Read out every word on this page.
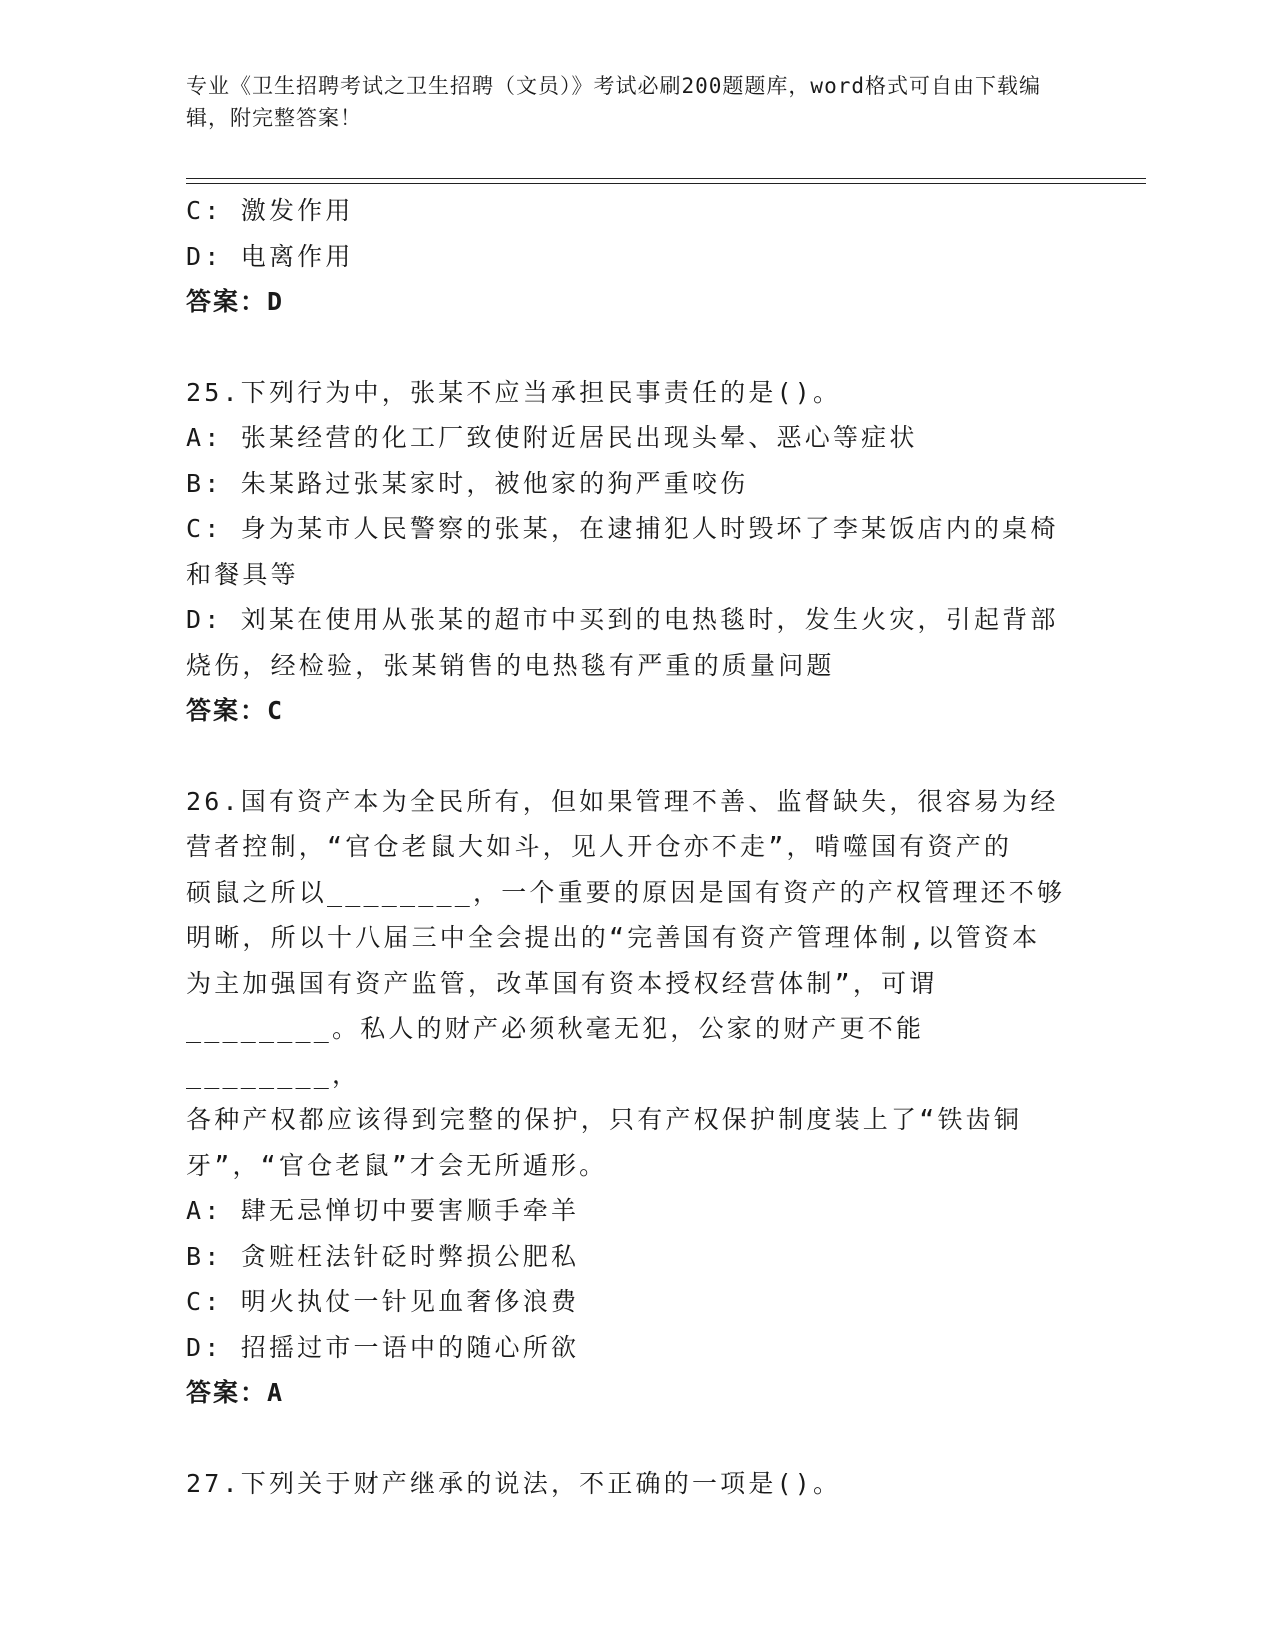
专业《卫生招聘考试之卫生招聘（文员）》考试必刷200题题库，word格式可自由下载编辑，附完整答案！

C: 激发作用

D: 电离作用

答案：D

25.下列行为中，张某不应当承担民事责任的是()。

A: 张某经营的化工厂致使附近居民出现头晕、恶心等症状

B: 朱某路过张某家时，被他家的狗严重咬伤

C: 身为某市人民警察的张某，在逮捕犯人时毁坏了李某饭店内的桌椅

和餐具等

D: 刘某在使用从张某的超市中买到的电热毯时，发生火灾，引起背部

烧伤，经检验，张某销售的电热毯有严重的质量问题

答案：C

26.国有资产本为全民所有，但如果管理不善、监督缺失，很容易为经

营者控制，“官仓老鼠大如斗，见人开仓亦不走”，啃噬国有资产的

硕鼠之所以________，一个重要的原因是国有资产的产权管理还不够

明晰，所以十八届三中全会提出的“完善国有资产管理体制,以管资本

为主加强国有资产监管，改革国有资本授权经营体制”，可谓

________。私人的财产必须秋毫无犯，公家的财产更不能________，

各种产权都应该得到完整的保护，只有产权保护制度装上了“铁齿铜

牙”，“官仓老鼠”才会无所遁形。

A: 肆无忌惮切中要害顺手牵羊

B: 贪赃枉法针砭时弊损公肥私

C: 明火执仗一针见血奢侈浪费

D: 招摇过市一语中的随心所欲

答案：A

27.下列关于财产继承的说法，不正确的一项是()。
